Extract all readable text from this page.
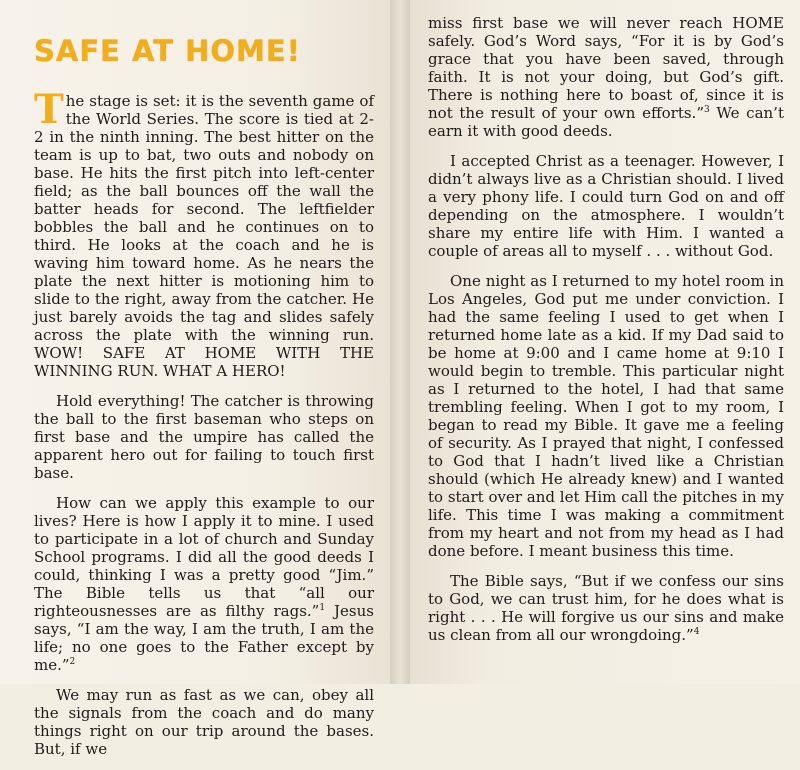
SAFE AT HOME!

The stage is set: it is the seventh game of the World Series. The score is tied at 2-2 in the ninth inning. The best hitter on the team is up to bat, two outs and nobody on base. He hits the first pitch into left-center field; as the ball bounces off the wall the batter heads for second. The leftfielder bobbles the ball and he continues on to third. He looks at the coach and he is waving him toward home. As he nears the plate the next hitter is motioning him to slide to the right, away from the catcher. He just barely avoids the tag and slides safely across the plate with the winning run. WOW! SAFE AT HOME WITH THE WINNING RUN. WHAT A HERO!

Hold everything! The catcher is throwing the ball to the first baseman who steps on first base and the umpire has called the apparent hero out for failing to touch first base.

How can we apply this example to our lives? Here is how I apply it to mine. I used to participate in a lot of church and Sunday School programs. I did all the good deeds I could, thinking I was a pretty good “Jim.” The Bible tells us that “all our righteousnesses are as filthy rags.”$^1$ Jesus says, “I am the way, I am the truth, I am the life; no one goes to the Father except by me.”$^2$

We may run as fast as we can, obey all the signals from the coach and do many things right on our trip around the bases. But, if we

miss first base we will never reach HOME safely. God’s Word says, “For it is by God’s grace that you have been saved, through faith. It is not your doing, but God’s gift. There is nothing here to boast of, since it is not the result of your own efforts.”$^3$ We can’t earn it with good deeds.

I accepted Christ as a teenager. However, I didn’t always live as a Christian should. I lived a very phony life. I could turn God on and off depending on the atmosphere. I wouldn’t share my entire life with Him. I wanted a couple of areas all to myself . . . without God.

One night as I returned to my hotel room in Los Angeles, God put me under conviction. I had the same feeling I used to get when I returned home late as a kid. If my Dad said to be home at 9:00 and I came home at 9:10 I would begin to tremble. This particular night as I returned to the hotel, I had that same trembling feeling. When I got to my room, I began to read my Bible. It gave me a feeling of security. As I prayed that night, I confessed to God that I hadn’t lived like a Christian should (which He already knew) and I wanted to start over and let Him call the pitches in my life. This time I was making a commitment from my heart and not from my head as I had done before. I meant business this time.

The Bible says, “But if we confess our sins to God, we can trust him, for he does what is right . . . He will forgive us our sins and make us clean from all our wrongdoing.”$^4$
